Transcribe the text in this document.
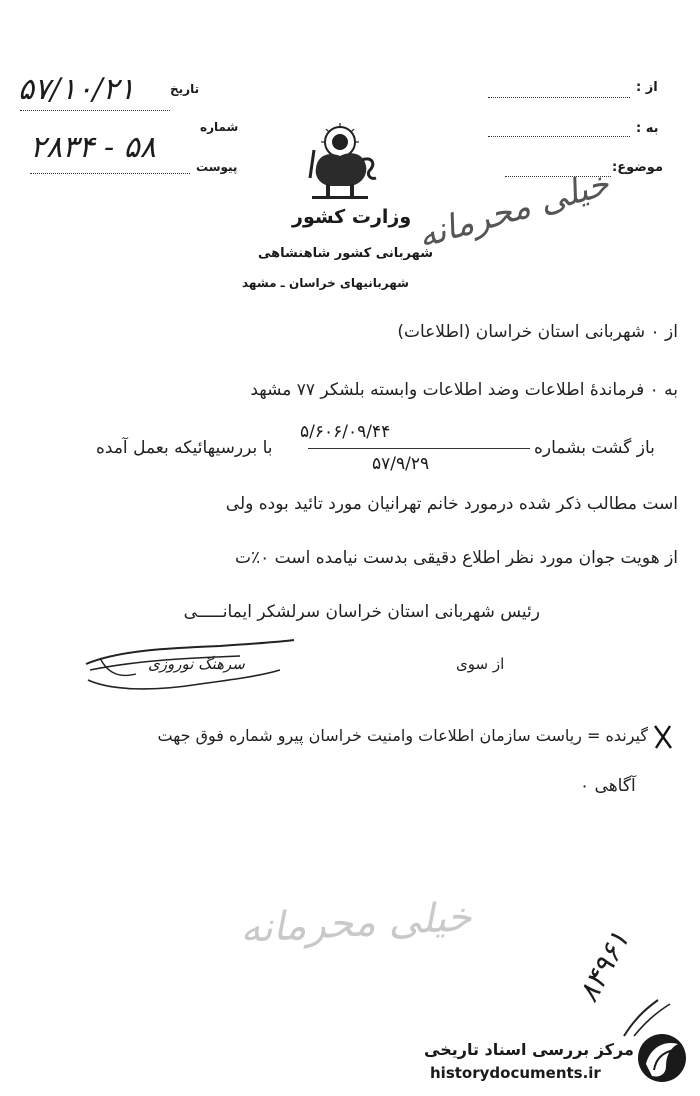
از :
به :
موضوع:
تاریخ
۵۷/۱۰/۲۱
شماره
۵۸ - ۲۸۳۴
پیوست
وزارت کشور
شهربانی کشور شاهنشاهی
شهربانیهای خراسان ـ مشهد
خیلی محرمانه
از ۰ شهربانی استان خراسان (اطلاعات)
به ۰ فرماندهٔ اطلاعات وضد اطلاعات وابسته بلشکر ۷۷ مشهد
باز گشت بشماره
۵/۶۰۶/۰۹/۴۴
۵۷/۹/۲۹
با بررسیهائیکه بعمل آمده
است مطالب ذکر شده درمورد خانم تهرانیان مورد تائید بوده ولی
از هویت جوان مورد نظر اطلاع دقیقی بدست نیامده است ۰٪ت
رئیس شهربانی استان خراسان سرلشکر ایمانـــــی
از سوی
سرهنگ نوروزی
گیرنده = ریاست سازمان اطلاعات وامنیت خراسان پیرو شماره فوق جهت
آگاهی ۰
خیلی محرمانه
۸۴۹۶۱
مرکز بررسی اسناد تاریخی
historydocuments.ir
